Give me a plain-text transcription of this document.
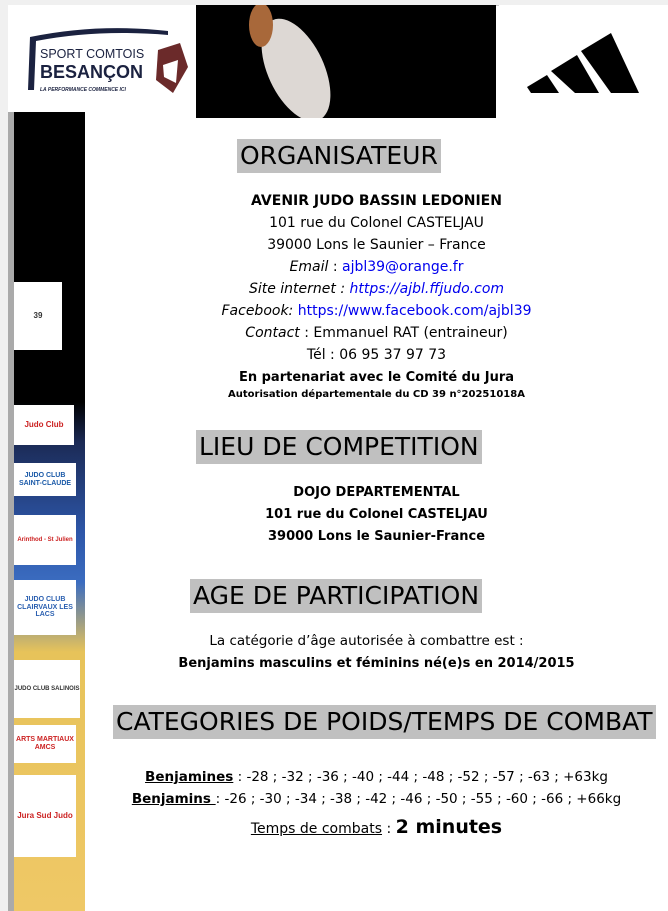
SPORT COMTOIS
BESANÇON
LA PERFORMANCE COMMENCE ICI
39
Judo Club
JUDO CLUB SAINT-CLAUDE
Arinthod - St Julien
JUDO CLUB CLAIRVAUX LES LACS
JUDO CLUB SALINOIS
ARTS MARTIAUX AMCS
Jura Sud Judo
ORGANISATEUR
AVENIR JUDO BASSIN LEDONIEN
101 rue du Colonel CASTELJAU
39000 Lons le Saunier – France
Email : ajbl39@orange.fr
Site internet : https://ajbl.ffjudo.com
Facebook: https://www.facebook.com/ajbl39
Contact : Emmanuel RAT (entraineur)
Tél : 06 95 37 97 73
En partenariat avec le Comité du Jura
Autorisation départementale du CD 39 n°20251018A
LIEU DE COMPETITION
DOJO DEPARTEMENTAL
101 rue du Colonel CASTELJAU
39000 Lons le Saunier-France
AGE DE PARTICIPATION
La catégorie d’âge autorisée à combattre est :
Benjamins masculins et féminins né(e)s en 2014/2015
CATEGORIES DE POIDS/TEMPS DE COMBAT
Benjamines : -28 ; -32 ; -36 ; -40 ; -44 ; -48 ; -52 ; -57 ; -63 ; +63kg
Benjamins : -26 ; -30 ; -34 ; -38 ; -42 ; -46 ; -50 ; -55 ; -60 ; -66 ; +66kg
Temps de combats : 2 minutes
